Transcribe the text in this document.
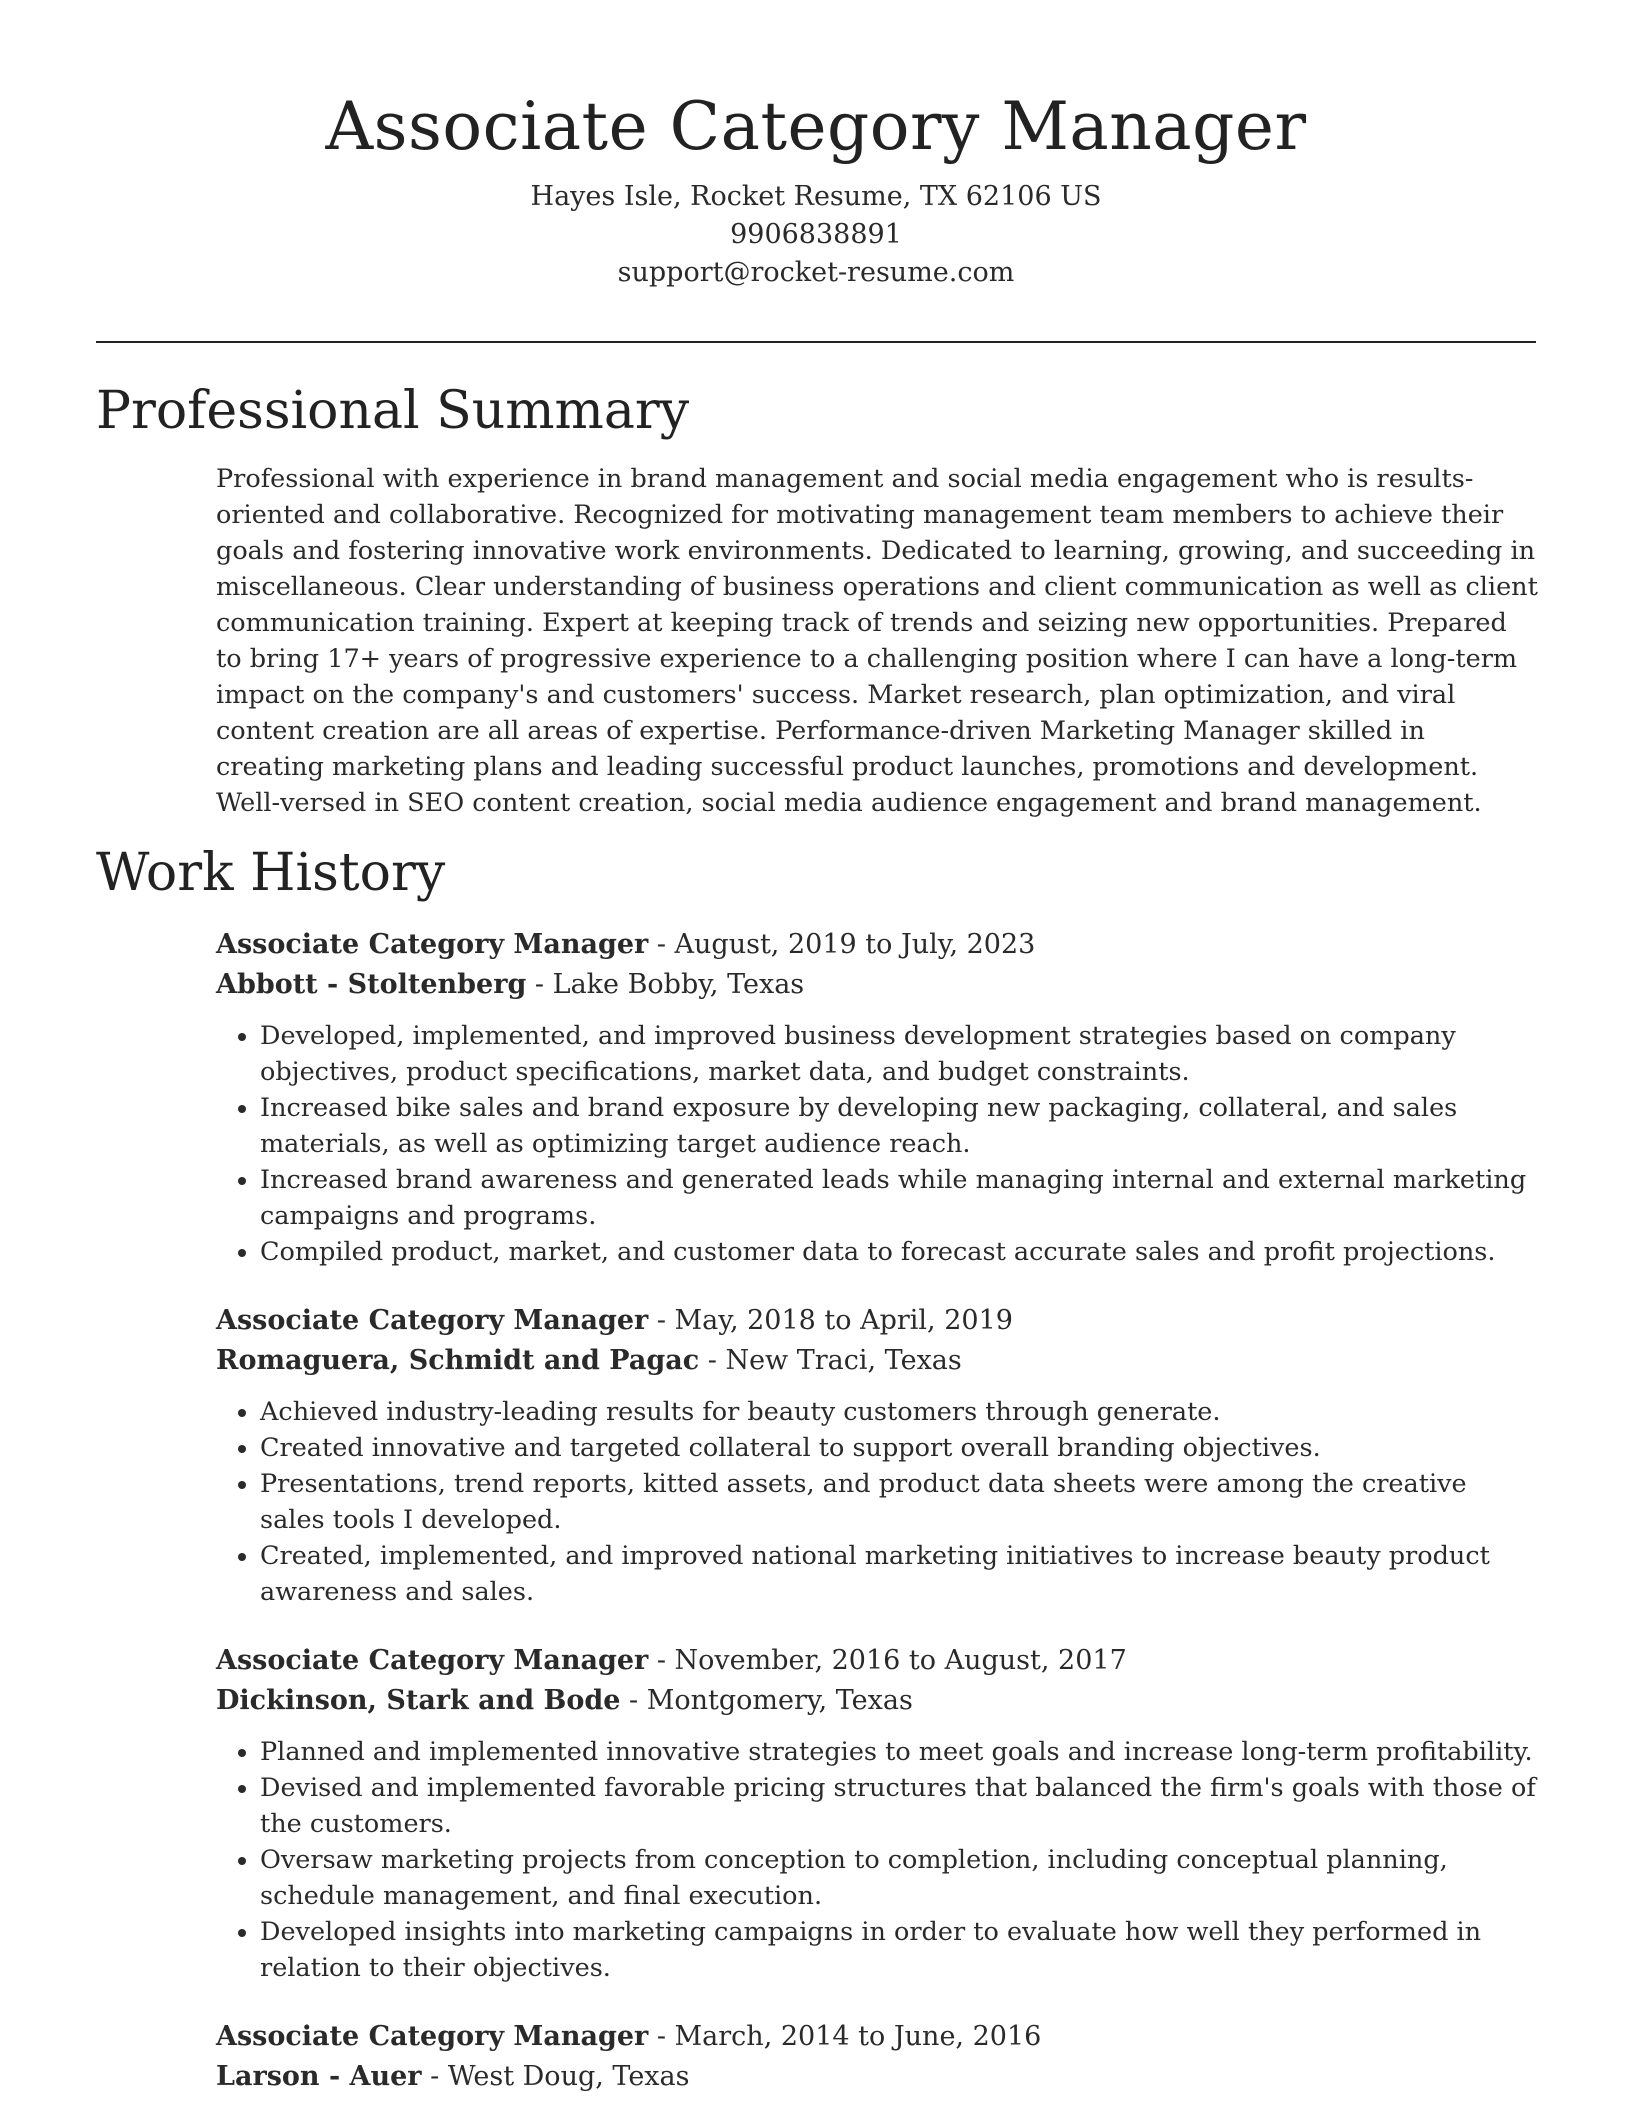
Associate Category Manager

Hayes Isle, Rocket Resume, TX 62106 US

9906838891

support@rocket-resume.com

Professional Summary

Professional with experience in brand management and social media engagement who is results-oriented and collaborative. Recognized for motivating management team members to achieve their goals and fostering innovative work environments. Dedicated to learning, growing, and succeeding in miscellaneous. Clear understanding of business operations and client communication as well as client communication training. Expert at keeping track of trends and seizing new opportunities. Prepared to bring 17+ years of progressive experience to a challenging position where I can have a long-term impact on the company's and customers' success. Market research, plan optimization, and viral content creation are all areas of expertise. Performance-driven Marketing Manager skilled in creating marketing plans and leading successful product launches, promotions and development. Well-versed in SEO content creation, social media audience engagement and brand management.

Work History

Associate Category Manager - August, 2019 to July, 2023

Abbott - Stoltenberg - Lake Bobby, Texas

• Developed, implemented, and improved business development strategies based on company objectives, product specifications, market data, and budget constraints.
• Increased bike sales and brand exposure by developing new packaging, collateral, and sales materials, as well as optimizing target audience reach.
• Increased brand awareness and generated leads while managing internal and external marketing campaigns and programs.
• Compiled product, market, and customer data to forecast accurate sales and profit projections.

Associate Category Manager - May, 2018 to April, 2019

Romaguera, Schmidt and Pagac - New Traci, Texas

• Achieved industry-leading results for beauty customers through generate.
• Created innovative and targeted collateral to support overall branding objectives.
• Presentations, trend reports, kitted assets, and product data sheets were among the creative sales tools I developed.
• Created, implemented, and improved national marketing initiatives to increase beauty product awareness and sales.

Associate Category Manager - November, 2016 to August, 2017

Dickinson, Stark and Bode - Montgomery, Texas

• Planned and implemented innovative strategies to meet goals and increase long-term profitability.
• Devised and implemented favorable pricing structures that balanced the firm's goals with those of the customers.
• Oversaw marketing projects from conception to completion, including conceptual planning, schedule management, and final execution.
• Developed insights into marketing campaigns in order to evaluate how well they performed in relation to their objectives.

Associate Category Manager - March, 2014 to June, 2016

Larson - Auer - West Doug, Texas
